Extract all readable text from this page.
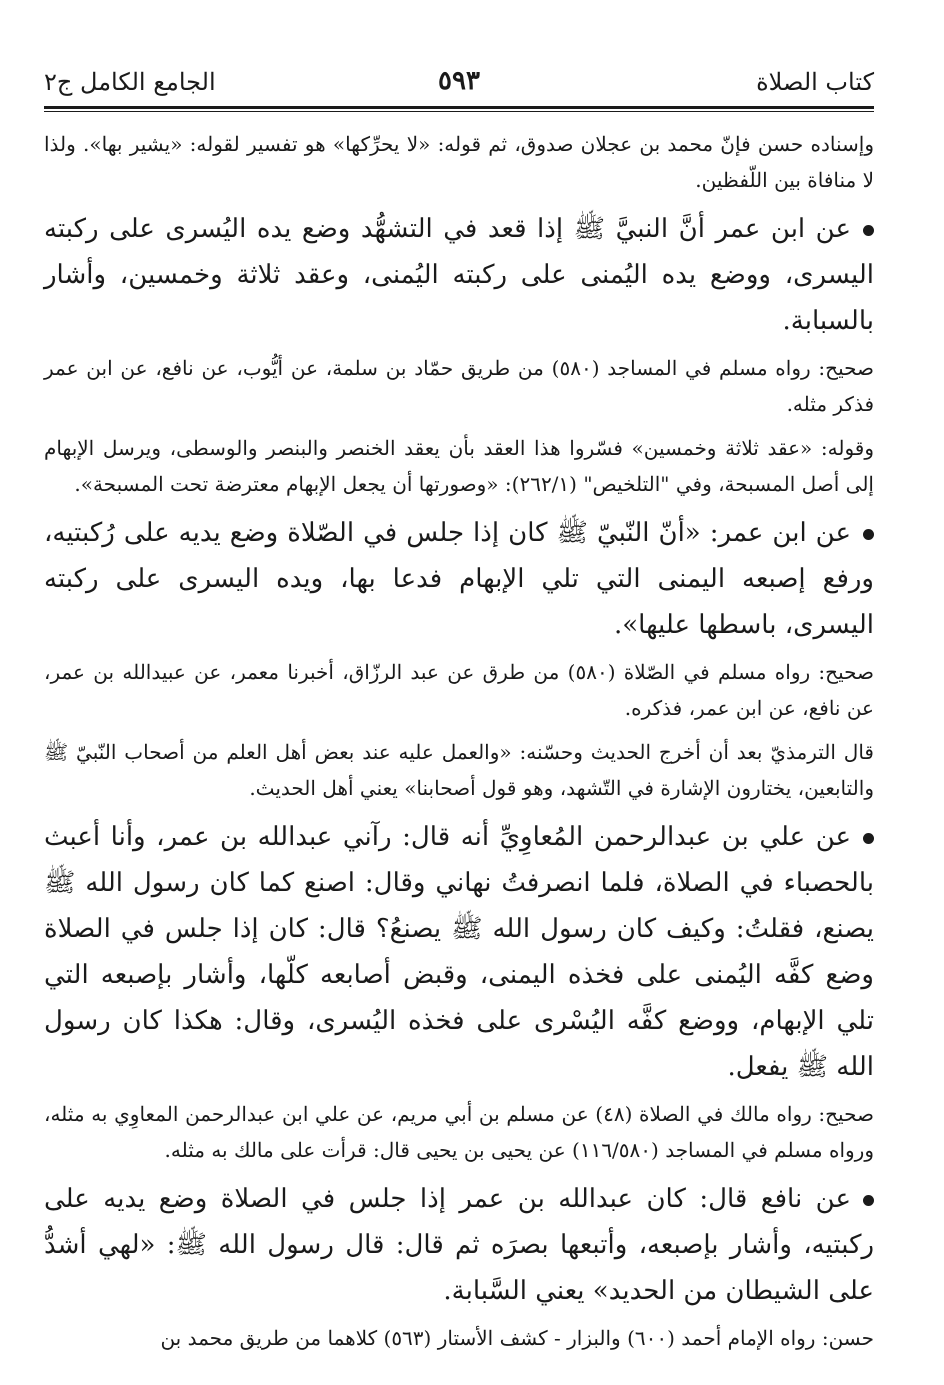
كتاب الصلاة
٥٩٣
الجامع الكامل ج٢

وإسناده حسن فإنّ محمد بن عجلان صدوق، ثم قوله: «لا يحرِّكها» هو تفسير لقوله: «يشير بها». ولذا لا منافاة بين اللّفظين.

عن ابن عمر أنَّ النبيَّ ﷺ إذا قعد في التشهُّد وضع يده اليُسرى على ركبته اليسرى، ووضع يده اليُمنى على ركبته اليُمنى، وعقد ثلاثة وخمسين، وأشار بالسبابة.

صحيح: رواه مسلم في المساجد (٥٨٠) من طريق حمّاد بن سلمة، عن أيُّوب، عن نافع، عن ابن عمر فذكر مثله.

وقوله: «عقد ثلاثة وخمسين» فسّروا هذا العقد بأن يعقد الخنصر والبنصر والوسطى، ويرسل الإبهام إلى أصل المسبحة، وفي "التلخيص" (٢٦٢/١): «وصورتها أن يجعل الإبهام معترضة تحت المسبحة».

عن ابن عمر: «أنّ النّبيّ ﷺ كان إذا جلس في الصّلاة وضع يديه على رُكبتيه، ورفع إصبعه اليمنى التي تلي الإبهام فدعا بها، ويده اليسرى على ركبته اليسرى، باسطها عليها».

صحيح: رواه مسلم في الصّلاة (٥٨٠) من طرق عن عبد الرزّاق، أخبرنا معمر، عن عبيدالله بن عمر، عن نافع، عن ابن عمر، فذكره.

قال الترمذيّ بعد أن أخرج الحديث وحسّنه: «والعمل عليه عند بعض أهل العلم من أصحاب النّبيّ ﷺ والتابعين، يختارون الإشارة في التّشهد، وهو قول أصحابنا» يعني أهل الحديث.

عن علي بن عبدالرحمن المُعاوِيِّ أنه قال: رآني عبدالله بن عمر، وأنا أعبث بالحصباء في الصلاة، فلما انصرفتُ نهاني وقال: اصنع كما كان رسول الله ﷺ يصنع، فقلتُ: وكيف كان رسول الله ﷺ يصنعُ؟ قال: كان إذا جلس في الصلاة وضع كفَّه اليُمنى على فخذه اليمنى، وقبض أصابعه كلّها، وأشار بإصبعه التي تلي الإبهام، ووضع كفَّه اليُسْرى على فخذه اليُسرى، وقال: هكذا كان رسول الله ﷺ يفعل.

صحيح: رواه مالك في الصلاة (٤٨) عن مسلم بن أبي مريم، عن علي ابن عبدالرحمن المعاوِي به مثله، ورواه مسلم في المساجد (١١٦/٥٨٠) عن يحيى بن يحيى قال: قرأت على مالك به مثله.

عن نافع قال: كان عبدالله بن عمر إذا جلس في الصلاة وضع يديه على ركبتيه، وأشار بإصبعه، وأتبعها بصرَه ثم قال: قال رسول الله ﷺ: «لهي أشدُّ على الشيطان من الحديد» يعني السَّبابة.

حسن: رواه الإمام أحمد (٦٠٠) والبزار - كشف الأستار (٥٦٣) كلاهما من طريق محمد بن
